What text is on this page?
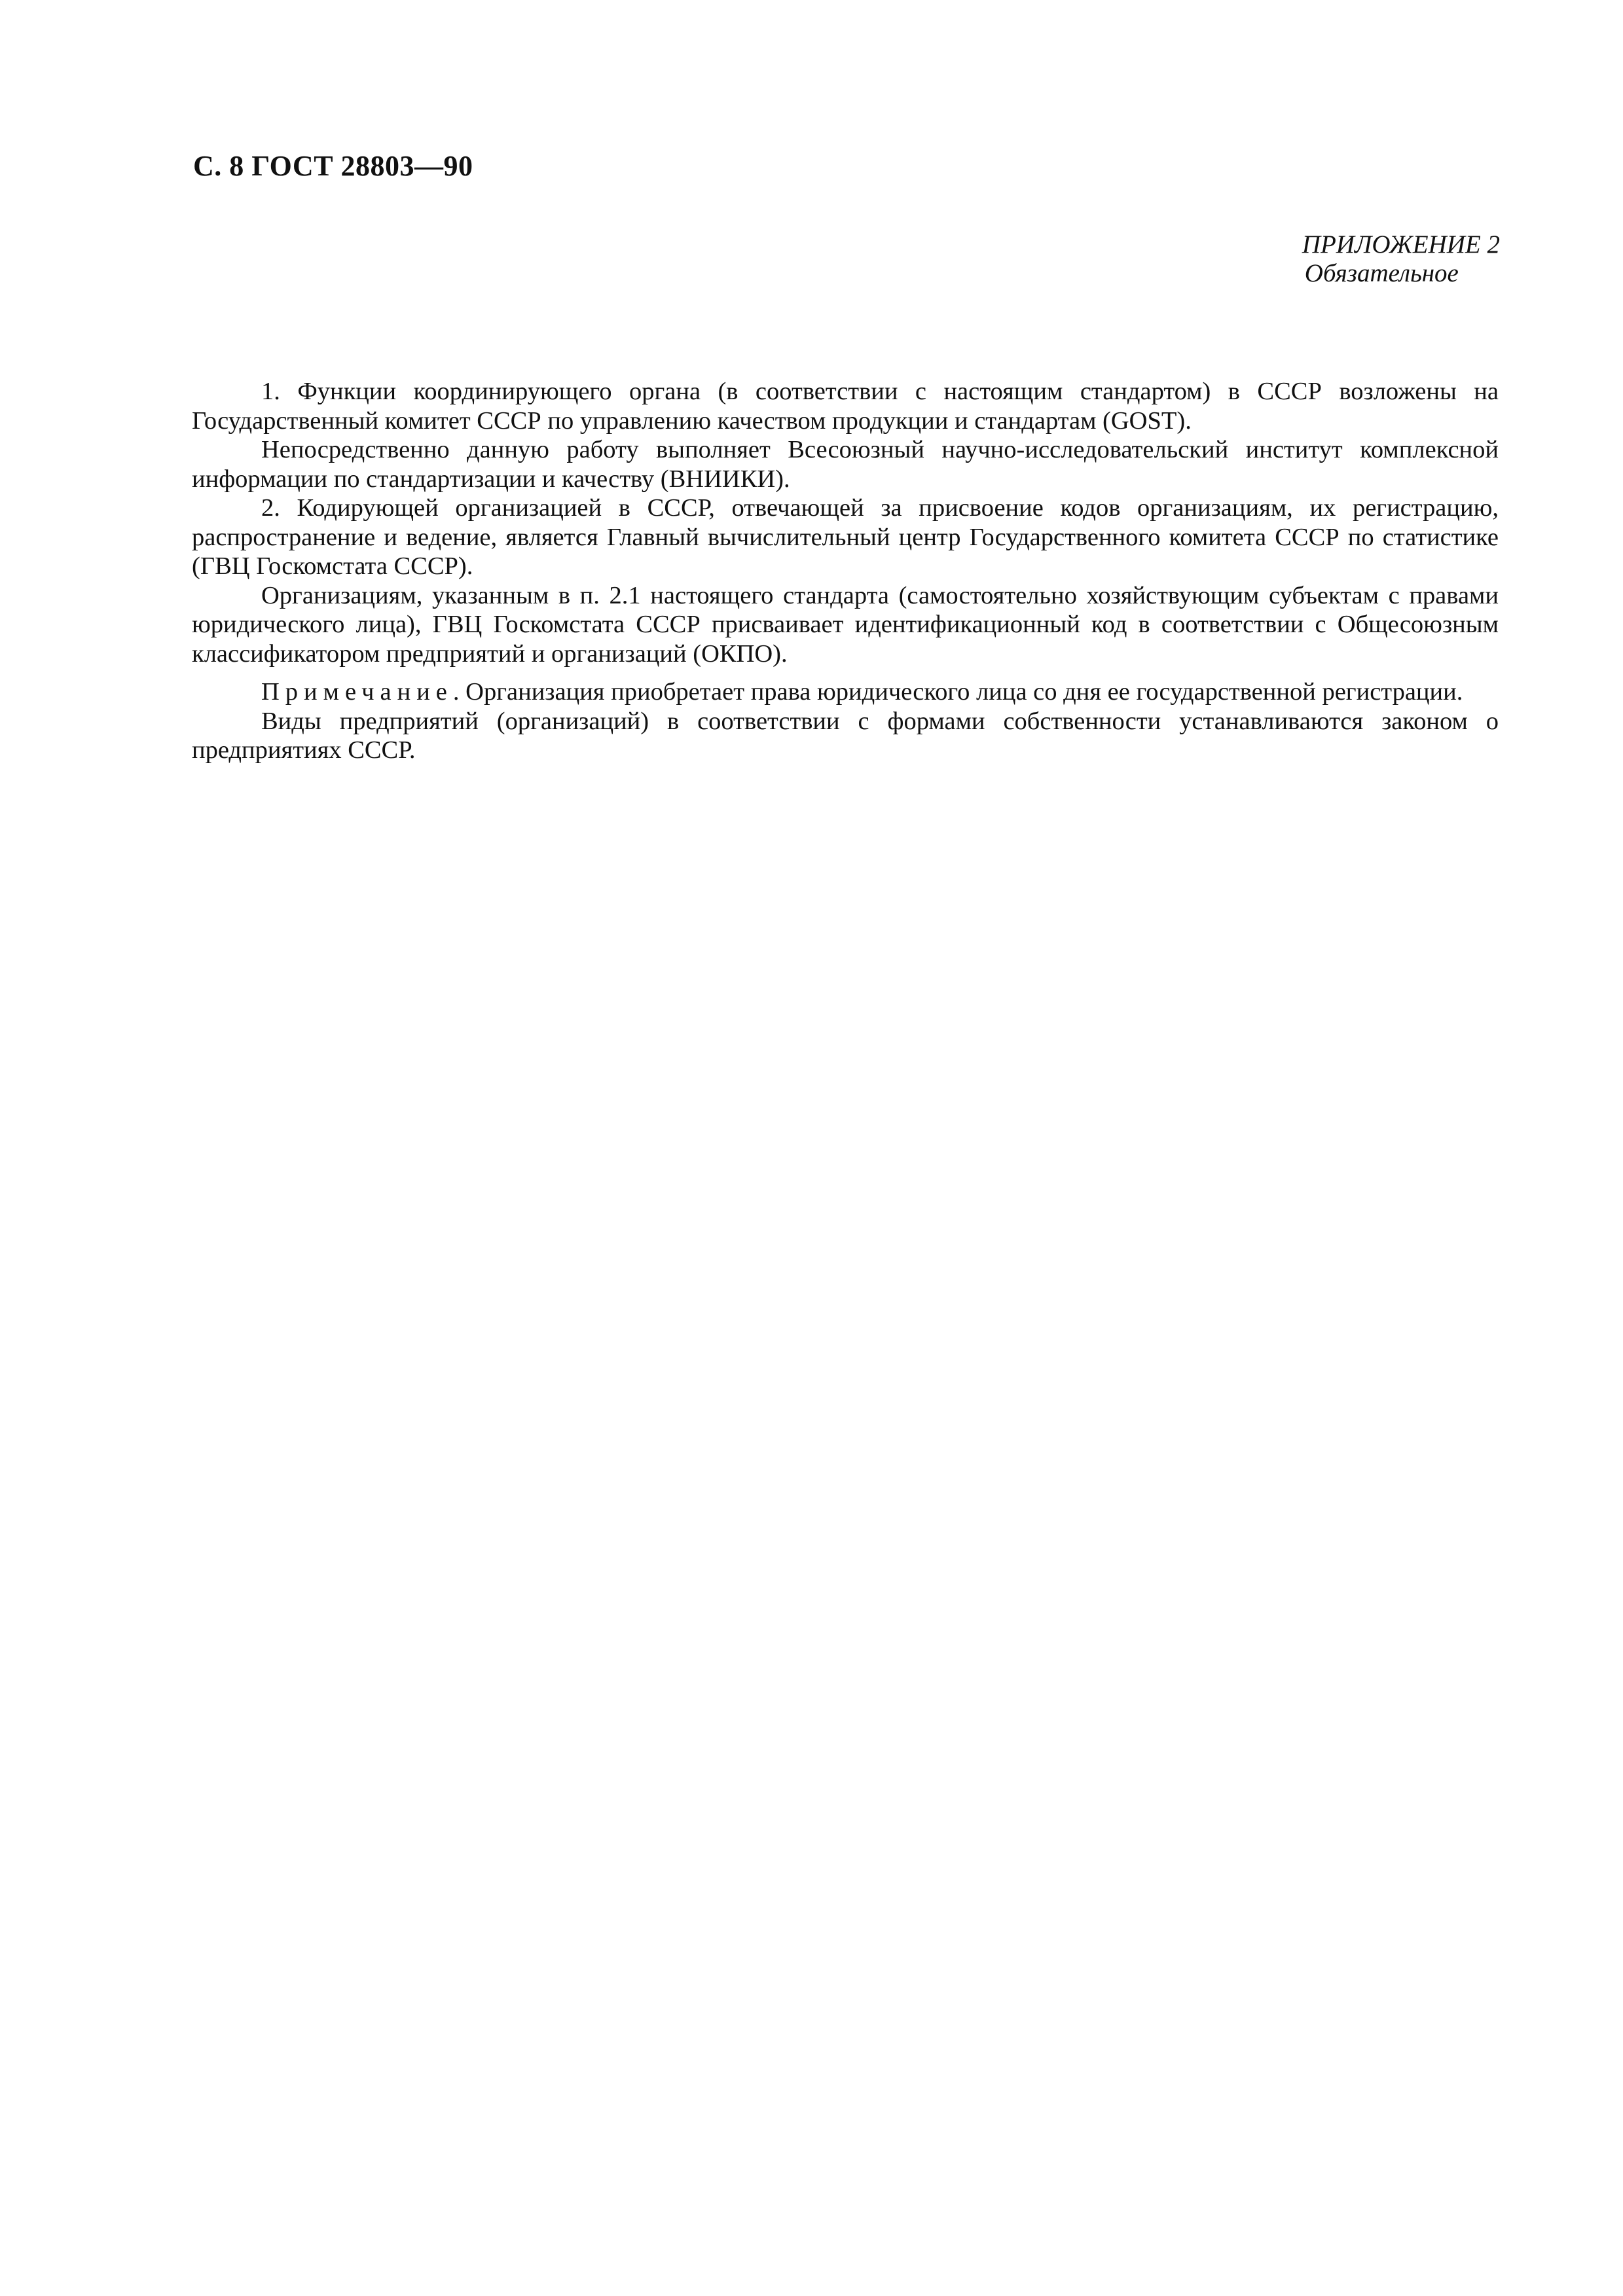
С. 8 ГОСТ 28803—90
ПРИЛОЖЕНИЕ 2
Обязательное

1. Функции координирующего органа (в соответствии с настоящим стандартом) в СССР возложены на Государственный комитет СССР по управлению качеством продукции и стандартам (GOST).

Непосредственно данную работу выполняет Всесоюзный научно-исследовательский институт комплексной информации по стандартизации и качеству (ВНИИКИ).

2. Кодирующей организацией в СССР, отвечающей за присвоение кодов организациям, их регистрацию, распространение и ведение, является Главный вычислительный центр Государственного комитета СССР по статистике (ГВЦ Госкомстата СССР).

Организациям, указанным в п. 2.1 настоящего стандарта (самостоятельно хозяйствующим субъектам с правами юридического лица), ГВЦ Госкомстата СССР присваивает идентификационный код в соответствии с Общесоюзным классификатором предприятий и организаций (ОКПО).

Примечание. Организация приобретает права юридического лица со дня ее государственной регистрации.

Виды предприятий (организаций) в соответствии с формами собственности устанавливаются законом о предприятиях СССР.
